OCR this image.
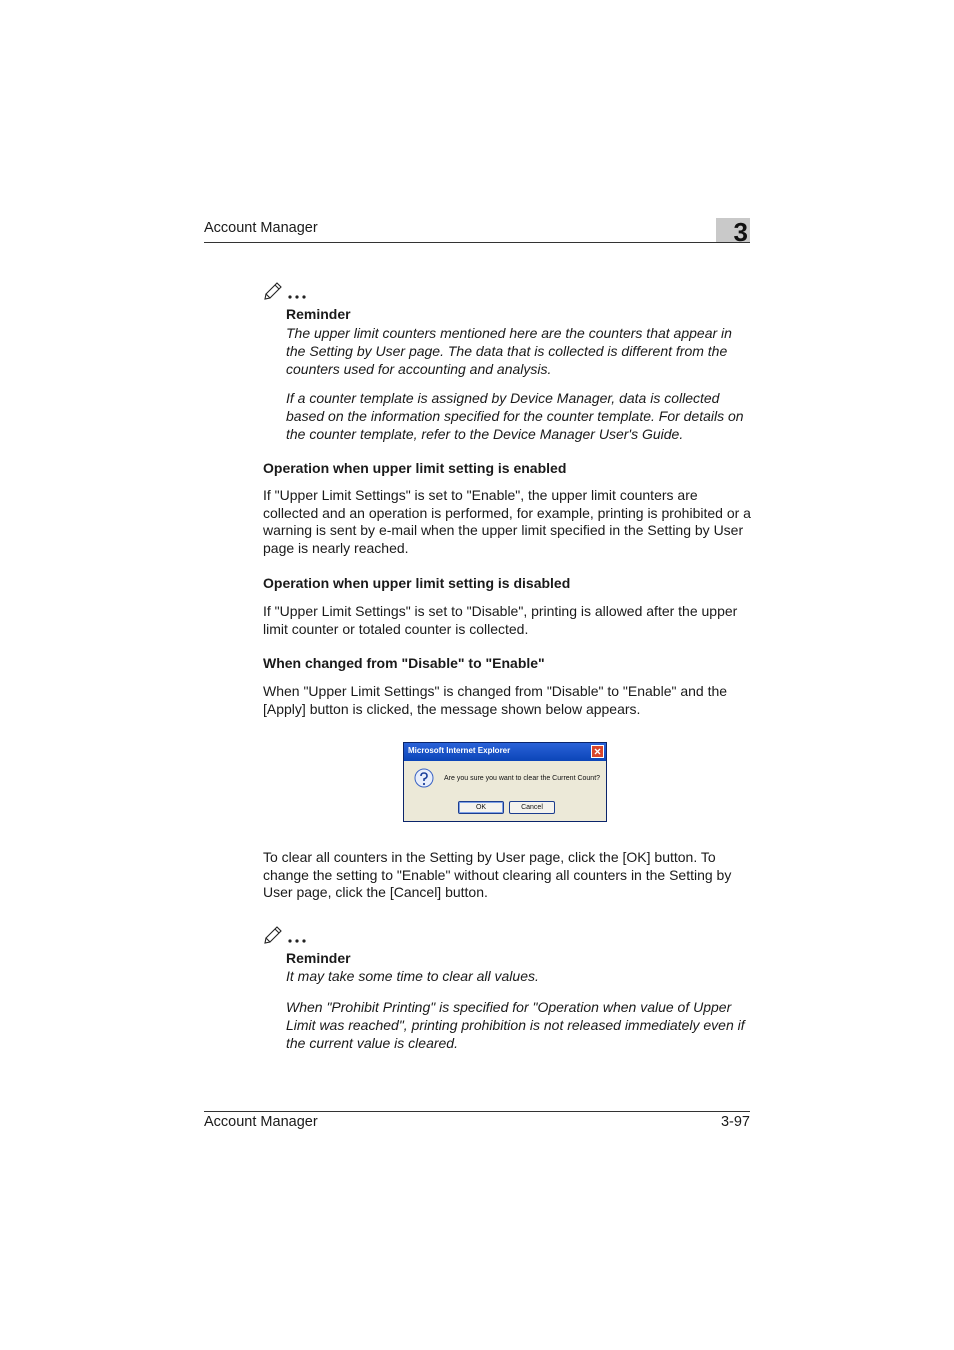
Account Manager	3
Reminder
The upper limit counters mentioned here are the counters that appear in the Setting by User page. The data that is collected is different from the counters used for accounting and analysis.
If a counter template is assigned by Device Manager, data is collected based on the information specified for the counter template. For details on the counter template, refer to the Device Manager User's Guide.
Operation when upper limit setting is enabled
If "Upper Limit Settings" is set to "Enable", the upper limit counters are collected and an operation is performed, for example, printing is prohibited or a warning is sent by e-mail when the upper limit specified in the Setting by User page is nearly reached.
Operation when upper limit setting is disabled
If "Upper Limit Settings" is set to "Disable", printing is allowed after the upper limit counter or totaled counter is collected.
When changed from "Disable" to "Enable"
When "Upper Limit Settings" is changed from "Disable" to "Enable" and the [Apply] button is clicked, the message shown below appears.
Microsoft Internet Explorer
Are you sure you want to clear the Current Count?
OK	Cancel
To clear all counters in the Setting by User page, click the [OK] button. To change the setting to "Enable" without clearing all counters in the Setting by User page, click the [Cancel] button.
Reminder
It may take some time to clear all values.
When "Prohibit Printing" is specified for "Operation when value of Upper Limit was reached", printing prohibition is not released immediately even if the current value is cleared.
Account Manager	3-97
